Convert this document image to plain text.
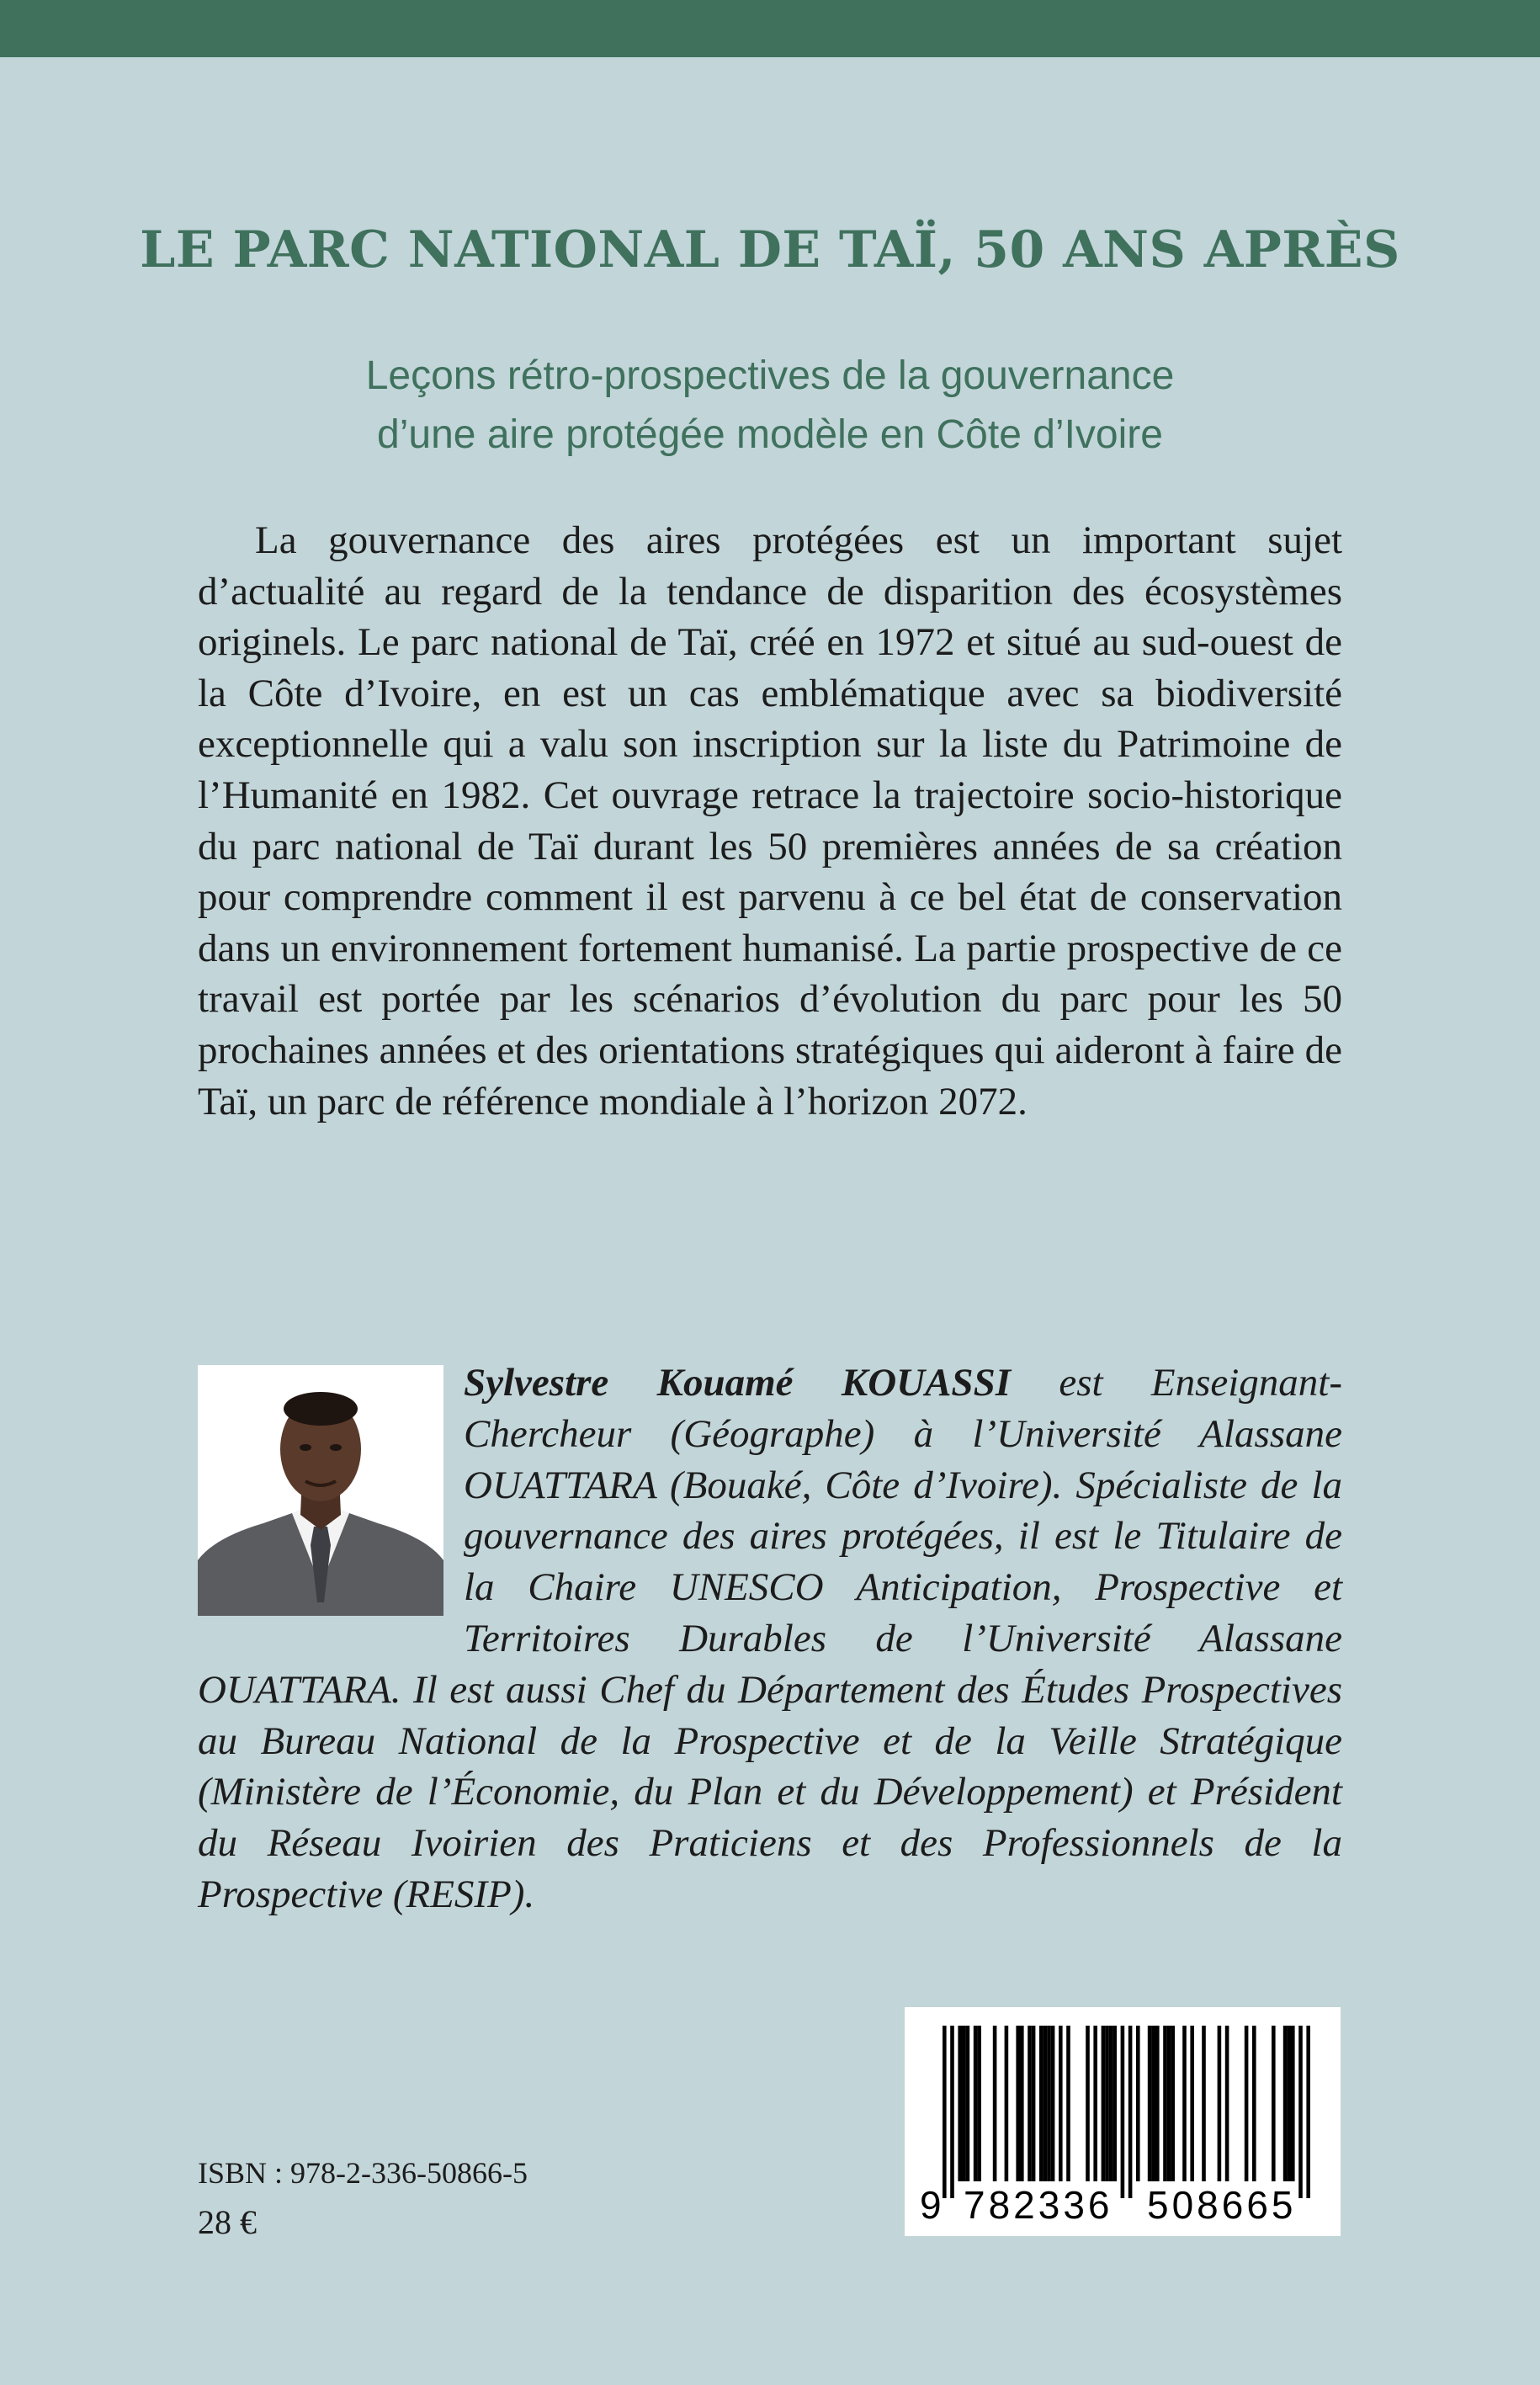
LE PARC NATIONAL DE TAÏ, 50 ANS APRÈS
Leçons rétro-prospectives de la gouvernance
d’une aire protégée modèle en Côte d’Ivoire

La gouvernance des aires protégées est un important sujet d’actualité au regard de la tendance de disparition des écosystèmes originels. Le parc national de Taï, créé en 1972 et situé au sud-ouest de la Côte d’Ivoire, en est un cas emblématique avec sa biodiversité exceptionnelle qui a valu son inscription sur la liste du Patrimoine de l’Humanité en 1982. Cet ouvrage retrace la trajectoire socio-historique du parc national de Taï durant les 50 premières années de sa création pour comprendre comment il est parvenu à ce bel état de conservation dans un environnement fortement humanisé. La partie prospective de ce travail est portée par les scénarios d’évolution du parc pour les 50 prochaines années et des orientations stratégiques qui aideront à faire de Taï, un parc de référence mondiale à l’horizon 2072.

Sylvestre Kouamé KOUASSI est Enseignant-Chercheur (Géographe) à l’Université Alassane OUATTARA (Bouaké, Côte d’Ivoire). Spécialiste de la gouvernance des aires protégées, il est le Titulaire de la Chaire UNESCO Anticipation, Prospective et Territoires Durables de l’Université Alassane OUATTARA. Il est aussi Chef du Département des Études Prospectives au Bureau National de la Prospective et de la Veille Stratégique (Ministère de l’Économie, du Plan et du Développement) et Président du Réseau Ivoirien des Praticiens et des Professionnels de la Prospective (RESIP).
ISBN : 978-2-336-50866-5
28 €	9 782336 508665
